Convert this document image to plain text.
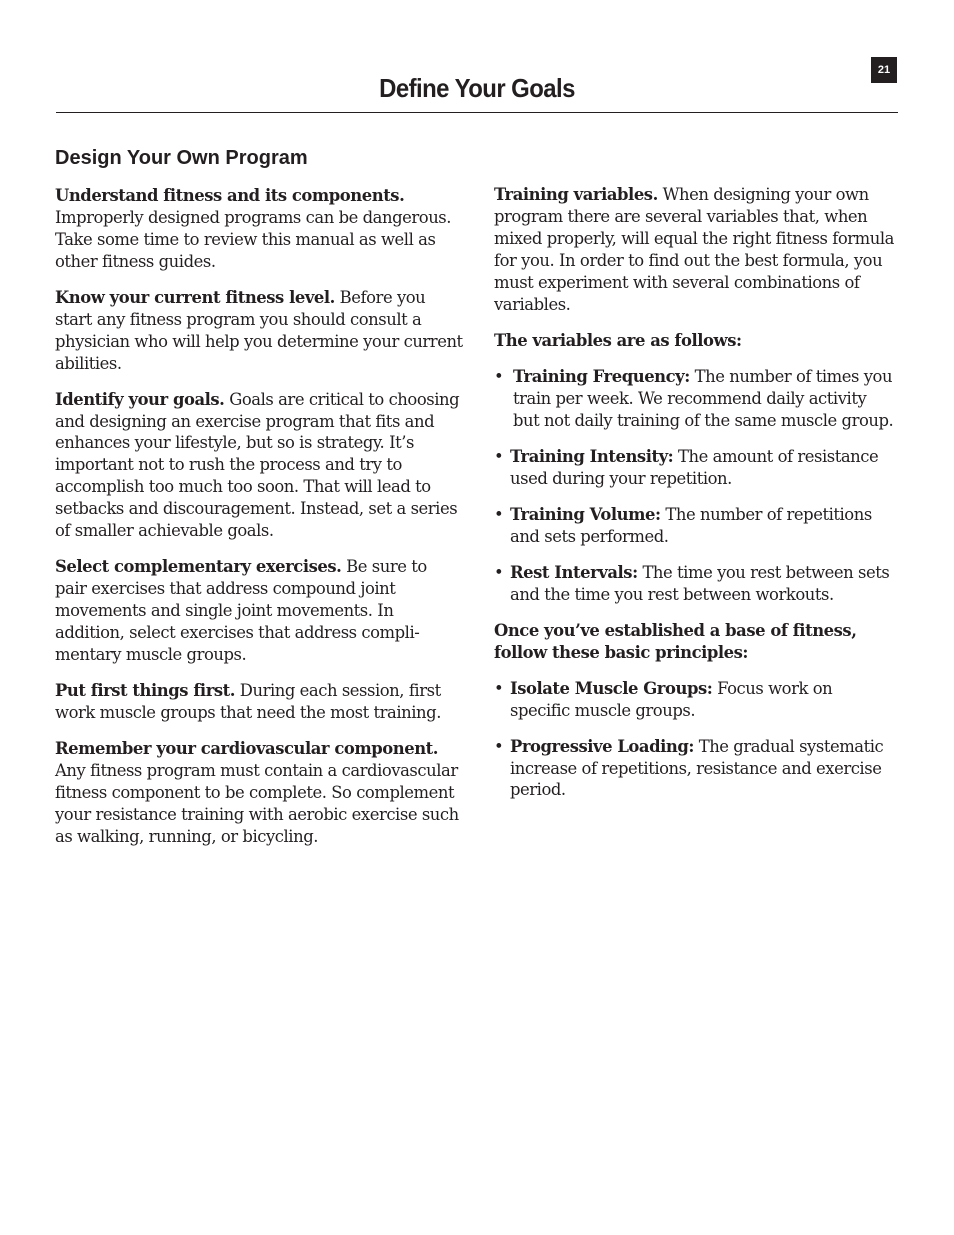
21
Define Your Goals
Design Your Own Program

Understand fitness and its components. Improperly designed programs can be dangerous. Take some time to review this manual as well as other fitness guides.

Know your current fitness level. Before you start any fitness program you should consult a physician who will help you determine your current abilities.

Identify your goals. Goals are critical to choosing and designing an exercise program that fits and enhances your lifestyle, but so is strategy. It’s important not to rush the process and try to accomplish too much too soon. That will lead to setbacks and discouragement. Instead, set a series of smaller achievable goals.

Select complementary exercises. Be sure to pair exercises that address compound joint movements and single joint movements. In addition, select exercises that address compli-mentary muscle groups.

Put first things first. During each session, first work muscle groups that need the most training.

Remember your cardiovascular component. Any fitness program must contain a cardiovascular fitness component to be complete. So complement your resistance training with aerobic exercise such as walking, running, or bicycling.

Training variables. When designing your own program there are several variables that, when mixed properly, will equal the right fitness formula for you. In order to find out the best formula, you must experiment with several combinations of variables.

The variables are as follows:

• Training Frequency: The number of times you train per week. We recommend daily activity but not daily training of the same muscle group.
• Training Intensity: The amount of resistance used during your repetition.
• Training Volume: The number of repetitions and sets performed.
• Rest Intervals: The time you rest between sets and the time you rest between workouts.

Once you’ve established a base of fitness, follow these basic principles:

• Isolate Muscle Groups: Focus work on specific muscle groups.
• Progressive Loading: The gradual systematic increase of repetitions, resistance and exercise period.
